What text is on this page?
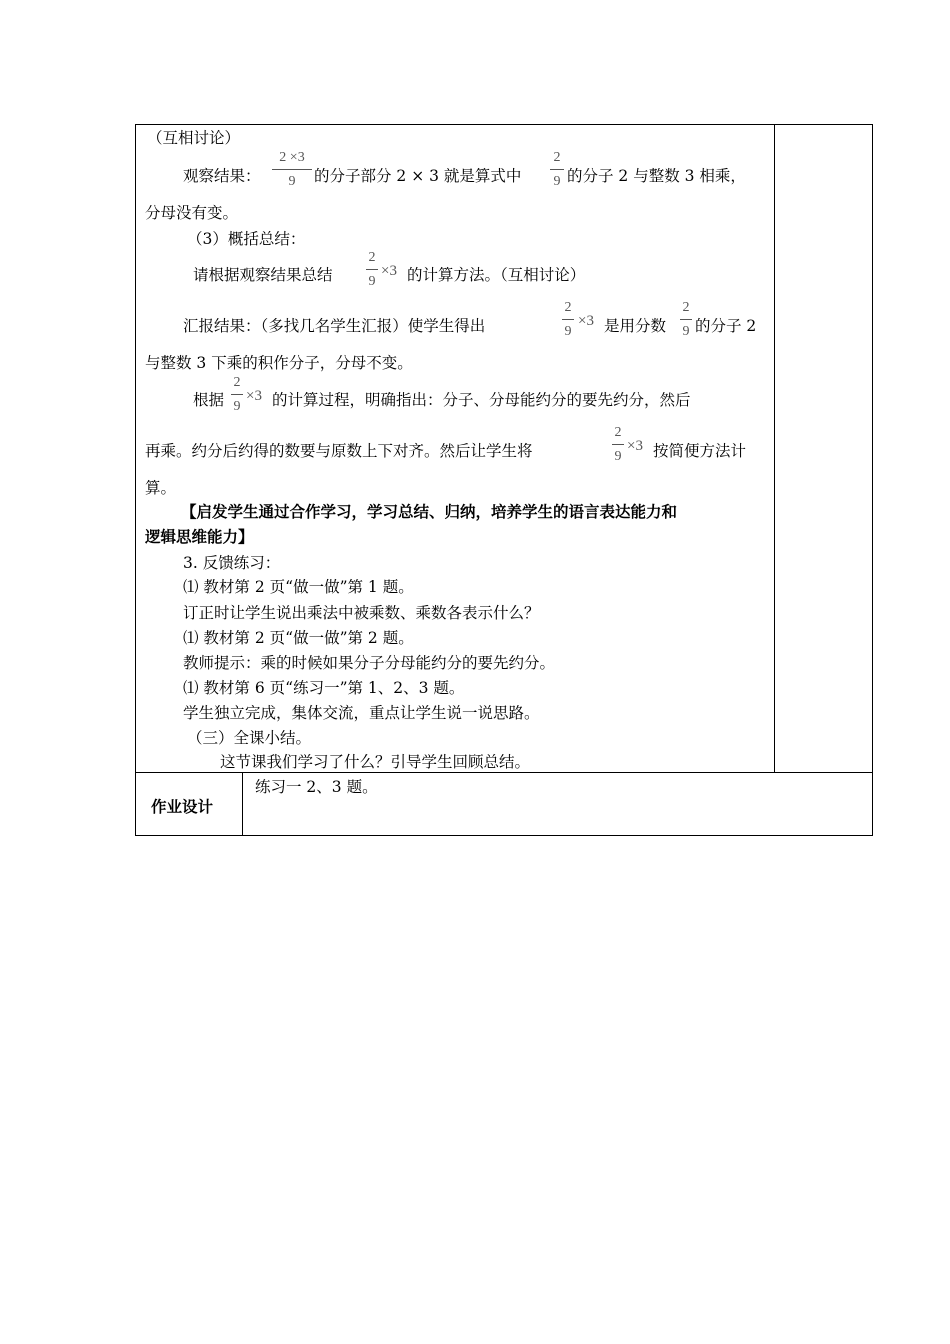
（互相讨论）
观察结果：
2 ×3
9	的分子部分 2 × 3 就是算式中
2
9 的分子 2 与整数 3 相乘，
分母没有变。
（3）概括总结：
请根据观察结果总结
2
9
×3 的计算方法。（互相讨论）
汇报结果：（多找几名学生汇报）使学生得出
2
9
×3 是用分数
2
9 的分子 2
与整数 3 下乘的积作分子，分母不变。
根据
2
9
×3 的计算过程，明确指出：分子、分母能约分的要先约分，然后
再乘。约分后约得的数要与原数上下对齐。然后让学生将
2
9
×3 按简便方法计
算。
【启发学生通过合作学习，学习总结、归纳，培养学生的语言表达能力和
逻辑思维能力】
3. 反馈练习：
⑴ 教材第 2 页“做一做”第 1 题。
订正时让学生说出乘法中被乘数、乘数各表示什么？
⑴ 教材第 2 页“做一做”第 2 题。
教师提示：乘的时候如果分子分母能约分的要先约分。
⑴ 教材第 6 页“练习一”第 1、2、3 题。
学生独立完成，集体交流，重点让学生说一说思路。
（三）全课小结。
这节课我们学习了什么？引导学生回顾总结。
作业设计
练习一 2、3 题。
